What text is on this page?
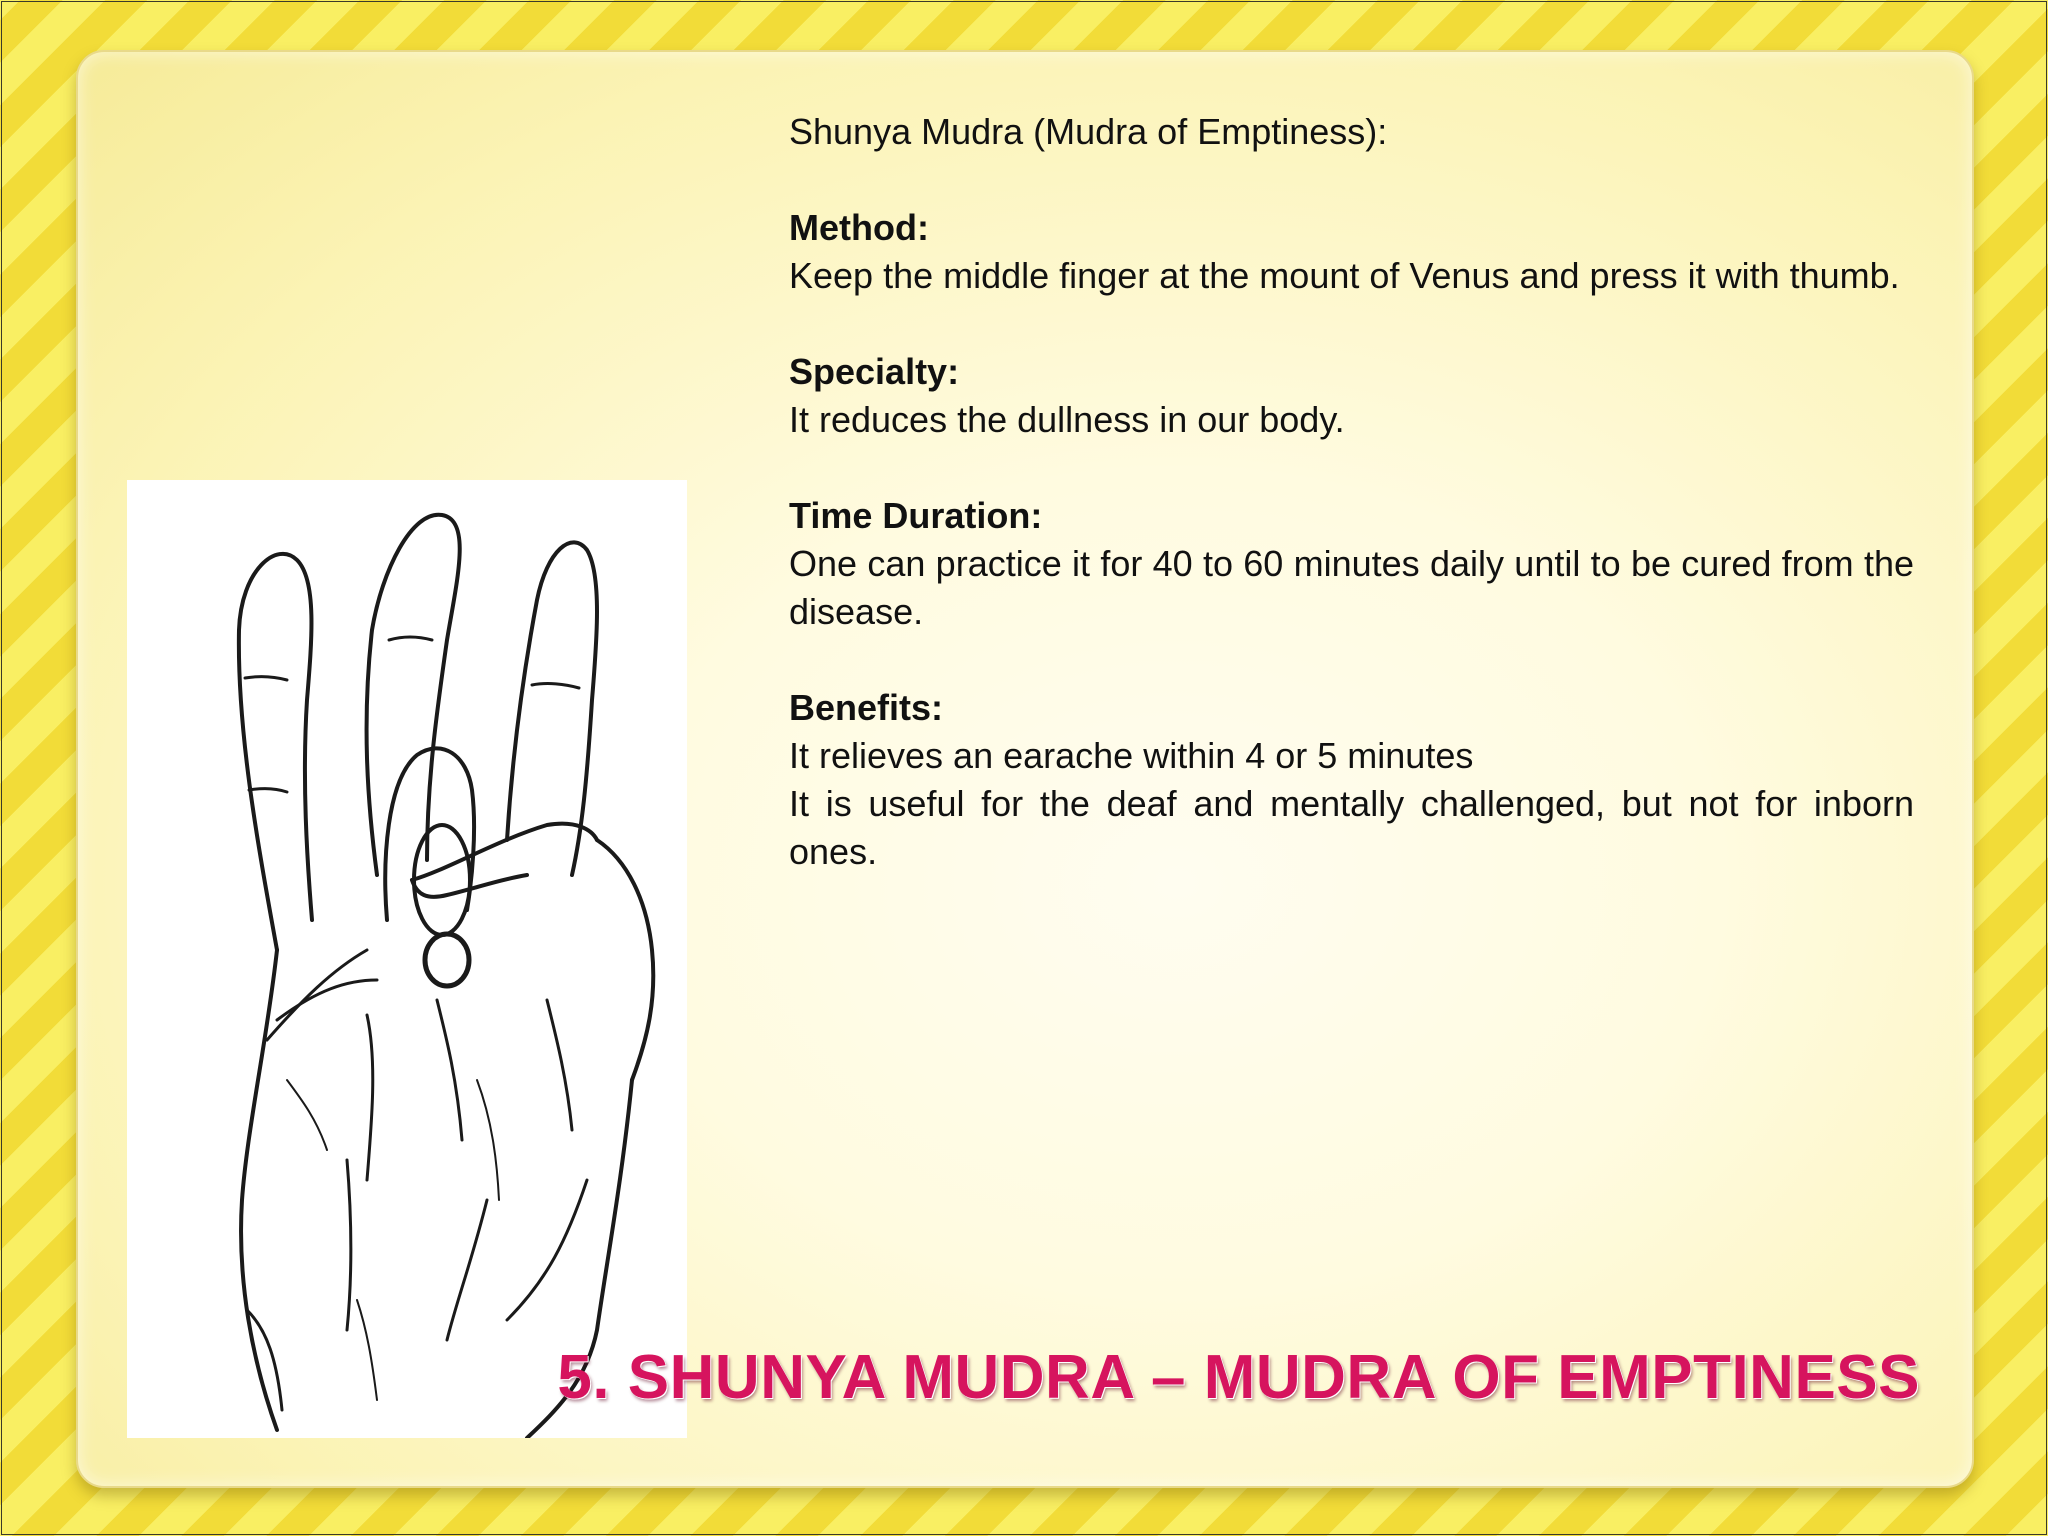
Shunya Mudra (Mudra of Emptiness):

Method:

Keep the middle finger at the mount of Venus and press it with thumb.

Specialty:

It reduces the dullness in our body.

Time Duration:

One can practice it for 40 to 60 minutes daily until to be cured from the disease.

Benefits:

It relieves an earache within 4 or 5 minutes

It is useful for the deaf and mentally challenged, but not for inborn ones.

5. SHUNYA MUDRA – MUDRA OF EMPTINESS
